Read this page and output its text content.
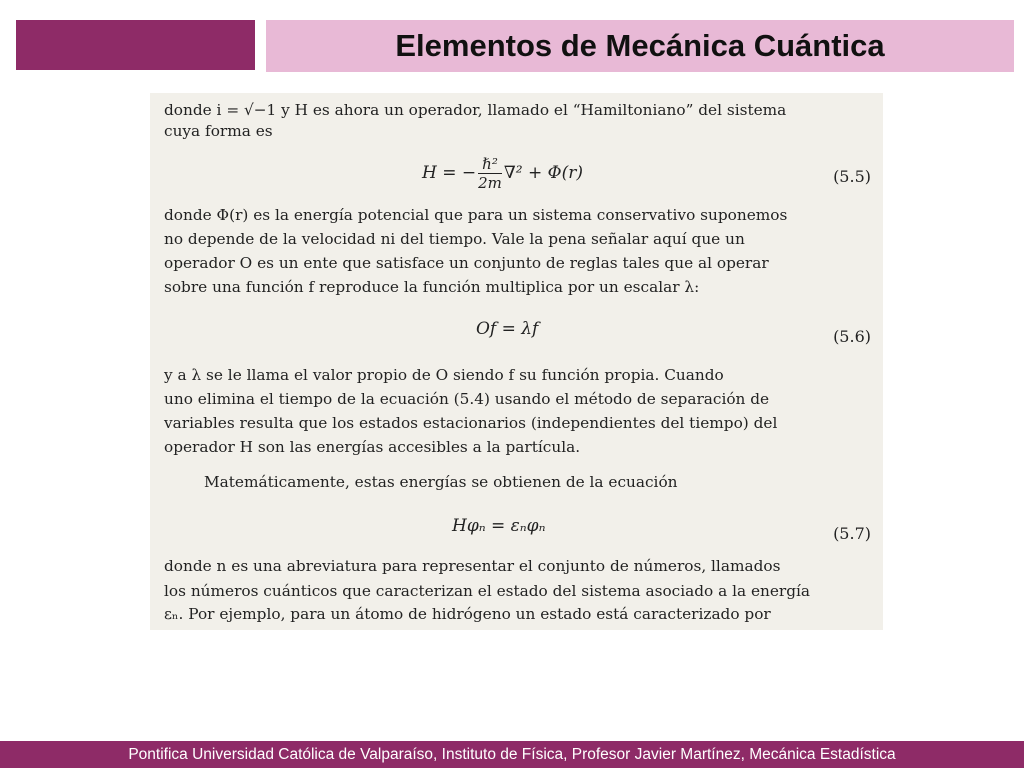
Elementos de Mecánica Cuántica
donde i = √−1 y H es ahora un operador, llamado el “Hamiltoniano” del sistema
cuya forma es
H = − $\frac{\text{ℏ²}}{2m} \nabla^2 + \Phi(r)$	(5.5)
donde Φ(r) es la energía potencial que para un sistema conservativo suponemos
no depende de la velocidad ni del tiempo. Vale la pena señalar aquí que un
operador O es un ente que satisface un conjunto de reglas tales que al operar
sobre una función f reproduce la función multiplica por un escalar λ:
Of = λf	(5.6)
y a λ se le llama el valor propio de O siendo f su función propia. Cuando
uno elimina el tiempo de la ecuación (5.4) usando el método de separación de
variables resulta que los estados estacionarios (independientes del tiempo) del
operador H son las energías accesibles a la partícula.
Matemáticamente, estas energías se obtienen de la ecuación
Hφₙ = εₙφₙ	(5.7)
donde n es una abreviatura para representar el conjunto de números, llamados
los números cuánticos que caracterizan el estado del sistema asociado a la energía
εₙ. Por ejemplo, para un átomo de hidrógeno un estado está caracterizado por
Pontifica Universidad Católica de Valparaíso, Instituto de Física, Profesor Javier Martínez, Mecánica Estadística
